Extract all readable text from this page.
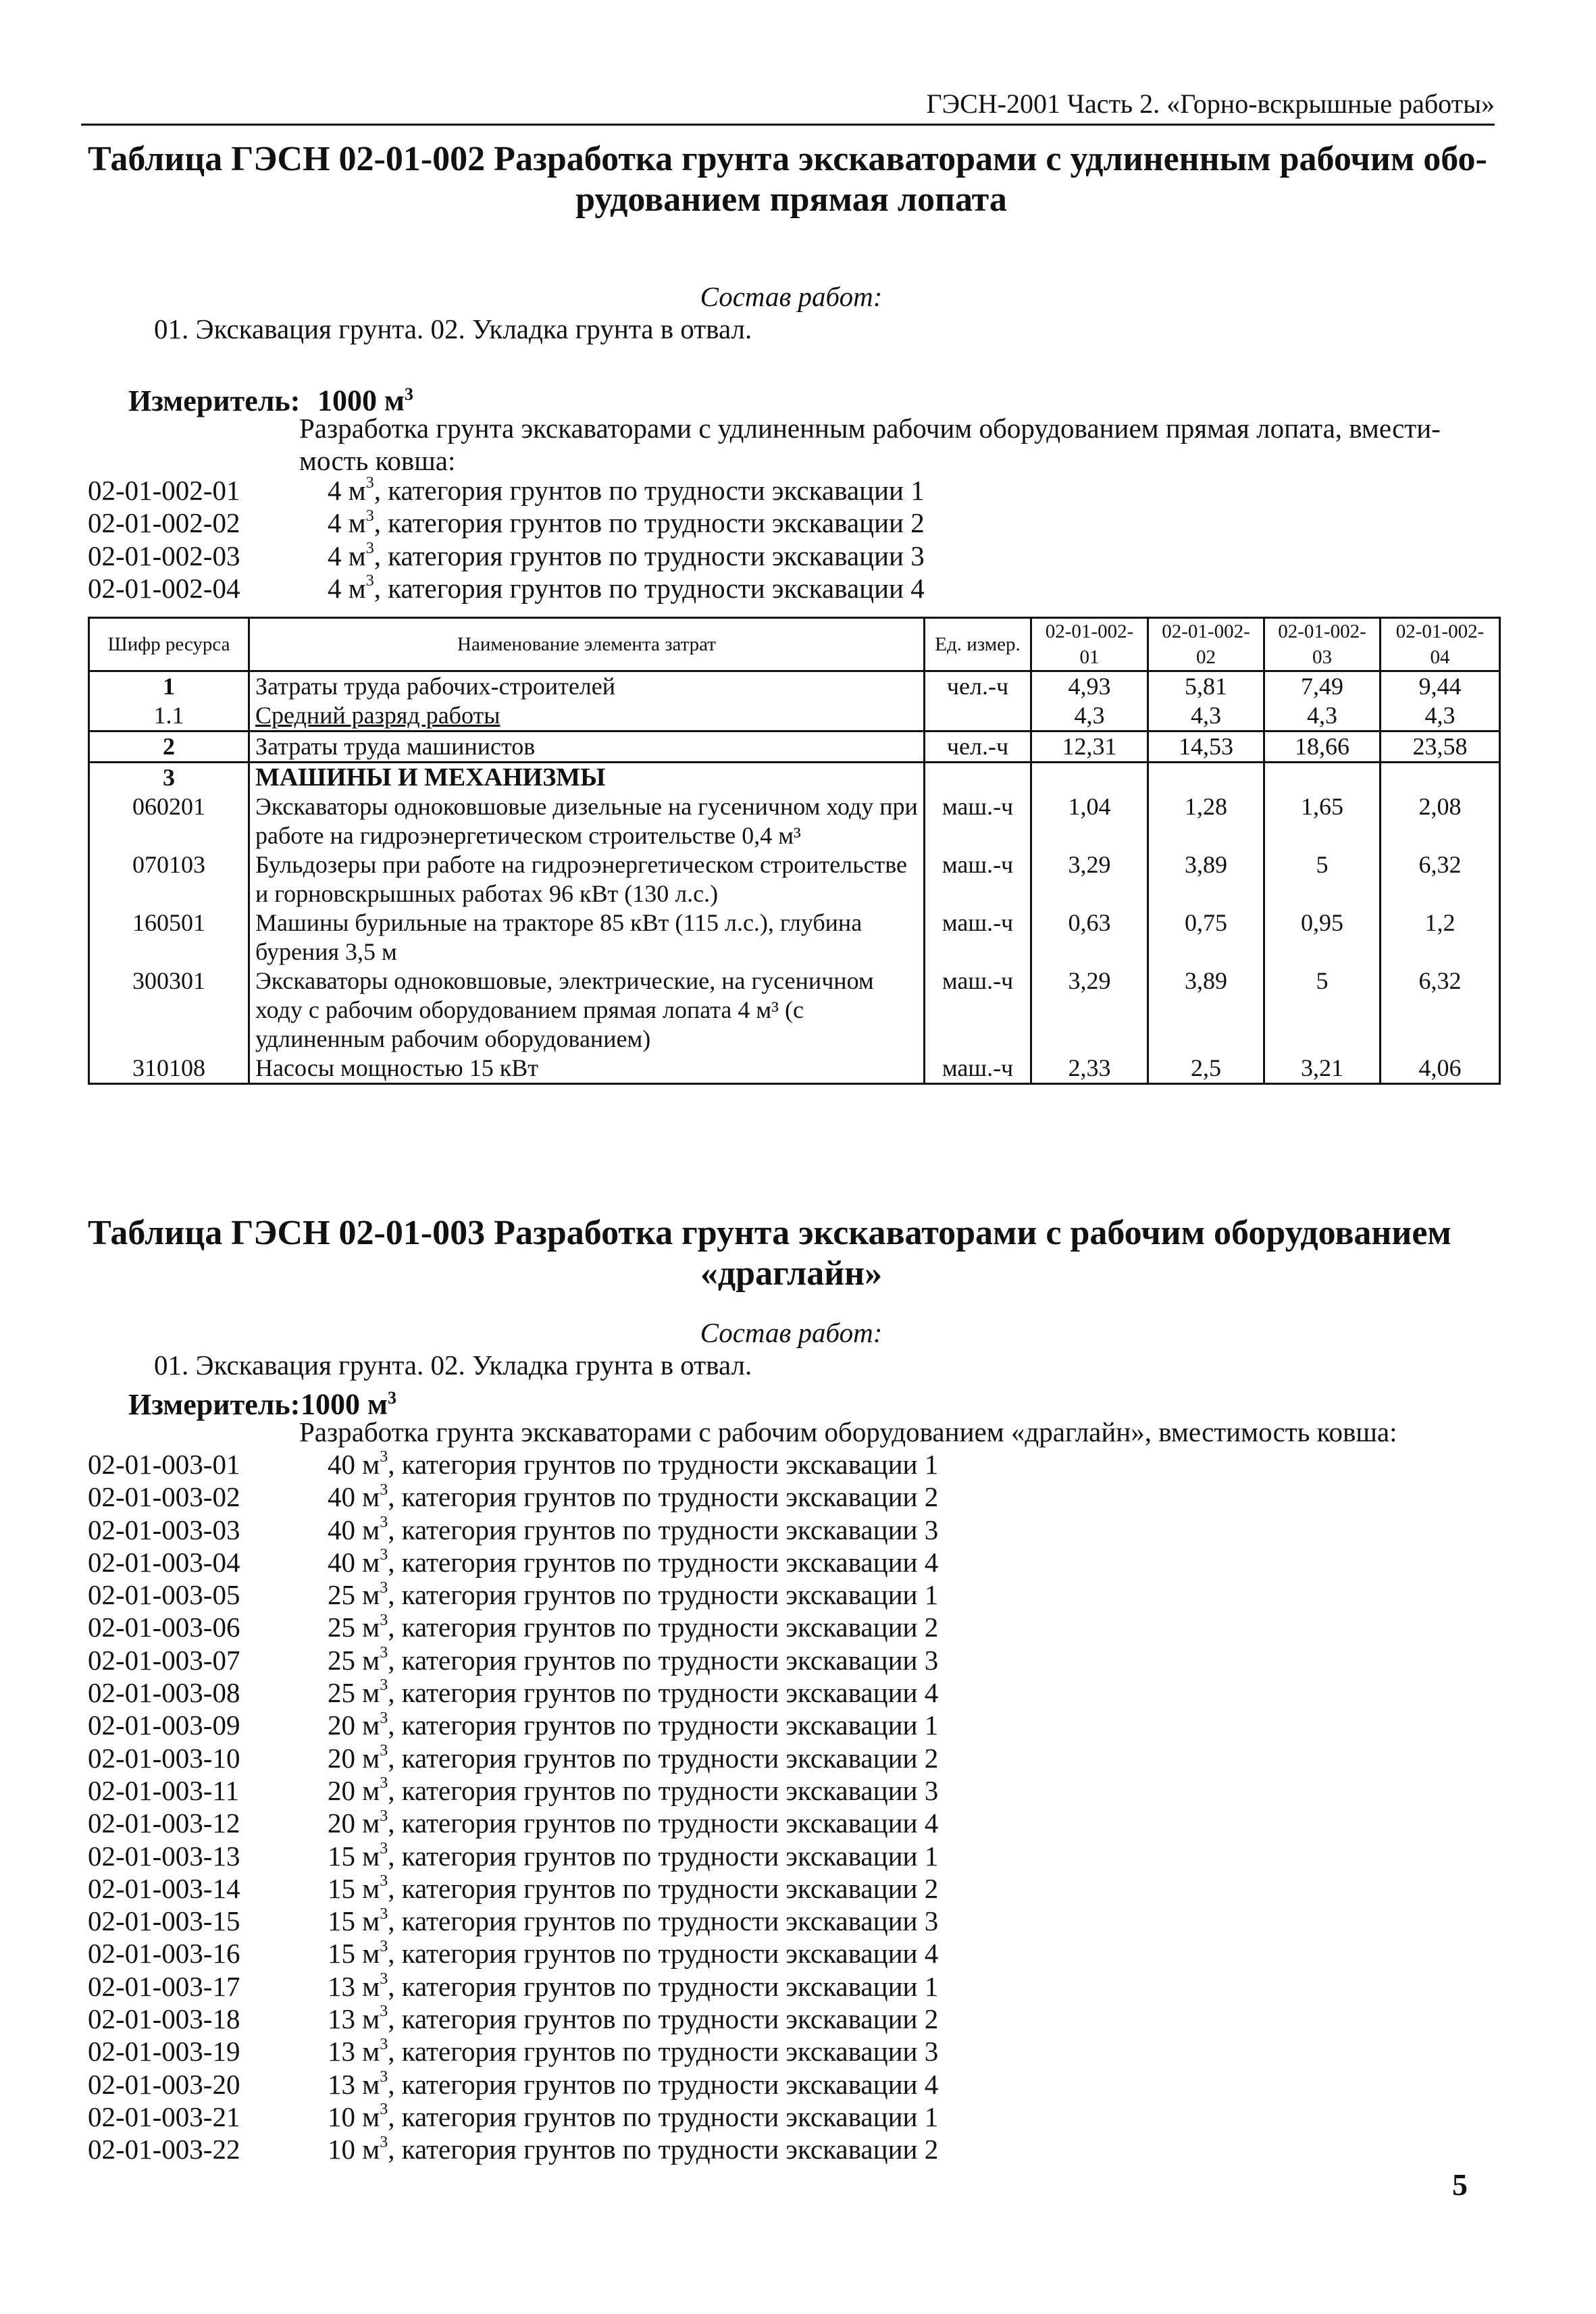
ГЭСН-2001 Часть 2. «Горно-вскрышные работы»
Таблица ГЭСН 02-01-002 Разработка грунта экскаваторами с удлиненным рабочим обо-
рудованием прямая лопата
Состав работ:
01. Экскавация грунта. 02. Укладка грунта в отвал.
Измеритель: 1000 $м^3$
Разработка грунта экскаваторами с удлиненным рабочим оборудованием прямая лопата, вмести-
мость ковша:
02-01-002-01	4 $м^3$, категория грунтов по трудности экскавации 1
02-01-002-02	4 $м^3$, категория грунтов по трудности экскавации 2
02-01-002-03	4 $м^3$, категория грунтов по трудности экскавации 3
02-01-002-04	4 $м^3$, категория грунтов по трудности экскавации 4
Шифр ресурса	Наименование элемента затрат	Ед. измер.	02-01-002-01	02-01-002-02	02-01-002-03	02-01-002-04
1	Затраты труда рабочих-строителей	чел.-ч	4,93	5,81	7,49	9,44
1.1	Средний разряд работы		4,3	4,3	4,3	4,3
2	Затраты труда машинистов	чел.-ч	12,31	14,53	18,66	23,58
3	МАШИНЫ И МЕХАНИЗМЫ					
060201	Экскаваторы одноковшовые дизельные на гусеничном ходу при работе на гидроэнергетическом строительстве 0,4 м³	маш.-ч	1,04	1,28	1,65	2,08
070103	Бульдозеры при работе на гидроэнергетическом строительстве и горновскрышных работах 96 кВт (130 л.с.)	маш.-ч	3,29	3,89	5	6,32
160501	Машины бурильные на тракторе 85 кВт (115 л.с.), глубина бурения 3,5 м	маш.-ч	0,63	0,75	0,95	1,2
300301	Экскаваторы одноковшовые, электрические, на гусеничном ходу с рабочим оборудованием прямая лопата 4 м³ (с удлиненным рабочим оборудованием)	маш.-ч	3,29	3,89	5	6,32
310108	Насосы мощностью 15 кВт	маш.-ч	2,33	2,5	3,21	4,06
Таблица ГЭСН 02-01-003 Разработка грунта экскаваторами с рабочим оборудованием
«драглайн»
Состав работ:
01. Экскавация грунта. 02. Укладка грунта в отвал.
Измеритель:1000 $м^3$
Разработка грунта экскаваторами с рабочим оборудованием «драглайн», вместимость ковша:
02-01-003-01	40 $м^3$, категория грунтов по трудности экскавации 1
02-01-003-02	40 $м^3$, категория грунтов по трудности экскавации 2
02-01-003-03	40 $м^3$, категория грунтов по трудности экскавации 3
02-01-003-04	40 $м^3$, категория грунтов по трудности экскавации 4
02-01-003-05	25 $м^3$, категория грунтов по трудности экскавации 1
02-01-003-06	25 $м^3$, категория грунтов по трудности экскавации 2
02-01-003-07	25 $м^3$, категория грунтов по трудности экскавации 3
02-01-003-08	25 $м^3$, категория грунтов по трудности экскавации 4
02-01-003-09	20 $м^3$, категория грунтов по трудности экскавации 1
02-01-003-10	20 $м^3$, категория грунтов по трудности экскавации 2
02-01-003-11	20 $м^3$, категория грунтов по трудности экскавации 3
02-01-003-12	20 $м^3$, категория грунтов по трудности экскавации 4
02-01-003-13	15 $м^3$, категория грунтов по трудности экскавации 1
02-01-003-14	15 $м^3$, категория грунтов по трудности экскавации 2
02-01-003-15	15 $м^3$, категория грунтов по трудности экскавации 3
02-01-003-16	15 $м^3$, категория грунтов по трудности экскавации 4
02-01-003-17	13 $м^3$, категория грунтов по трудности экскавации 1
02-01-003-18	13 $м^3$, категория грунтов по трудности экскавации 2
02-01-003-19	13 $м^3$, категория грунтов по трудности экскавации 3
02-01-003-20	13 $м^3$, категория грунтов по трудности экскавации 4
02-01-003-21	10 $м^3$, категория грунтов по трудности экскавации 1
02-01-003-22	10 $м^3$, категория грунтов по трудности экскавации 2
5
